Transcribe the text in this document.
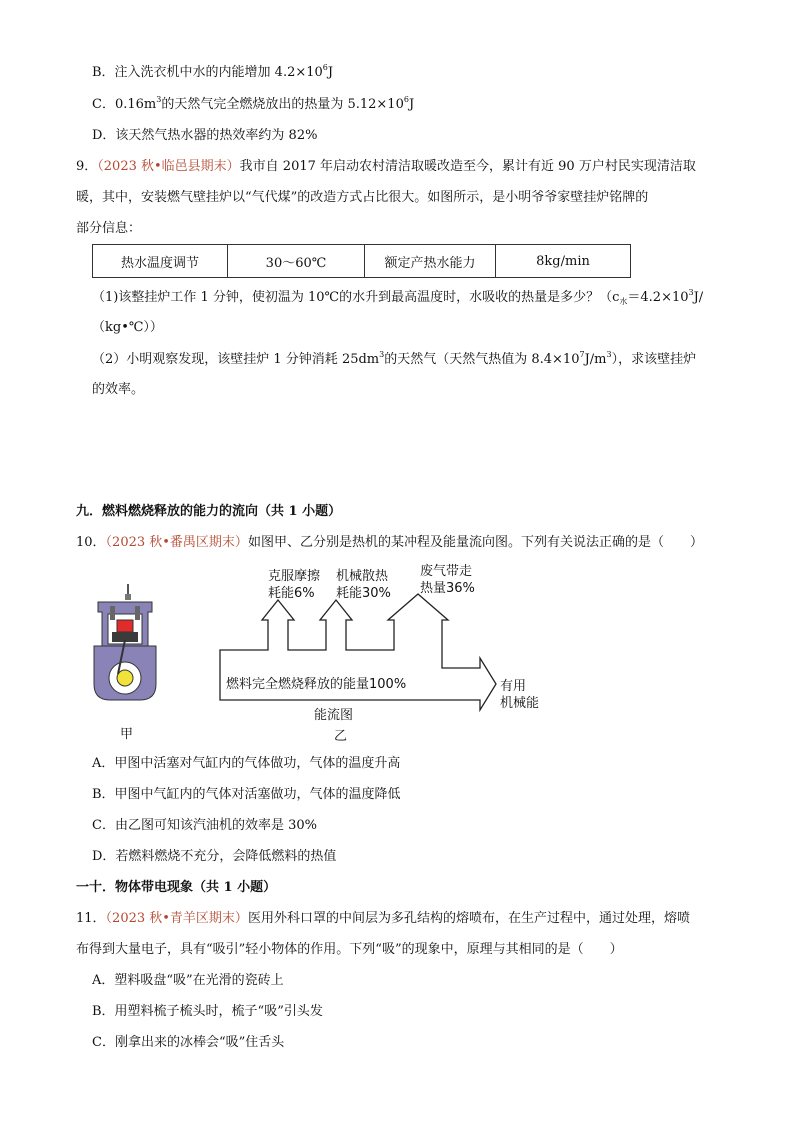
B．注入洗衣机中水的内能增加 $4.2\times 10^6J$
C．$0.16m^3$的天然气完全燃烧放出的热量为 $5.12\times 10^6J$
D．该天然气热水器的热效率约为 82%
9．（2023 秋•临邑县期末）我市自 2017 年启动农村清洁取暖改造至今，累计有近 90 万户村民实现清洁取
暖，其中，安装燃气壁挂炉以“气代煤”的改造方式占比很大。如图所示，是小明爷爷家壁挂炉铭牌的
部分信息：
热水温度调节	30～60℃	额定产热水能力	8kg/min
（1)该整挂炉工作 1 分钟，使初温为 10℃的水升到最高温度时，水吸收的热量是多少？（$c_水=4.2\times 10^3J/$
（kg•℃））
（2）小明观察发现，该壁挂炉 1 分钟消耗 $25dm^3$的天然气（天然气热值为 $8.4\times 10^7J/m^3$），求该壁挂炉
的效率。
九．燃料燃烧释放的能力的流向（共 1 小题）
10．（2023 秋•番禺区期末）如图甲、乙分别是热机的某冲程及能量流向图。下列有关说法正确的是（　　）
甲
克服摩擦
耗能6%
机械散热
耗能30%
废气带走
热量36%
燃料完全燃烧释放的能量100%	有用
机械能
能流图
乙
A．甲图中活塞对气缸内的气体做功，气体的温度升高
B．甲图中气缸内的气体对活塞做功，气体的温度降低
C．由乙图可知该汽油机的效率是 30%
D．若燃料燃烧不充分，会降低燃料的热值
一十．物体带电现象（共 1 小题）
11．（2023 秋•青羊区期末）医用外科口罩的中间层为多孔结构的熔喷布，在生产过程中，通过处理，熔喷
布得到大量电子，具有“吸引”轻小物体的作用。下列“吸”的现象中，原理与其相同的是（　　）
A．塑料吸盘“吸”在光滑的瓷砖上
B．用塑料梳子梳头时，梳子“吸”引头发
C．刚拿出来的冰棒会“吸”住舌头
